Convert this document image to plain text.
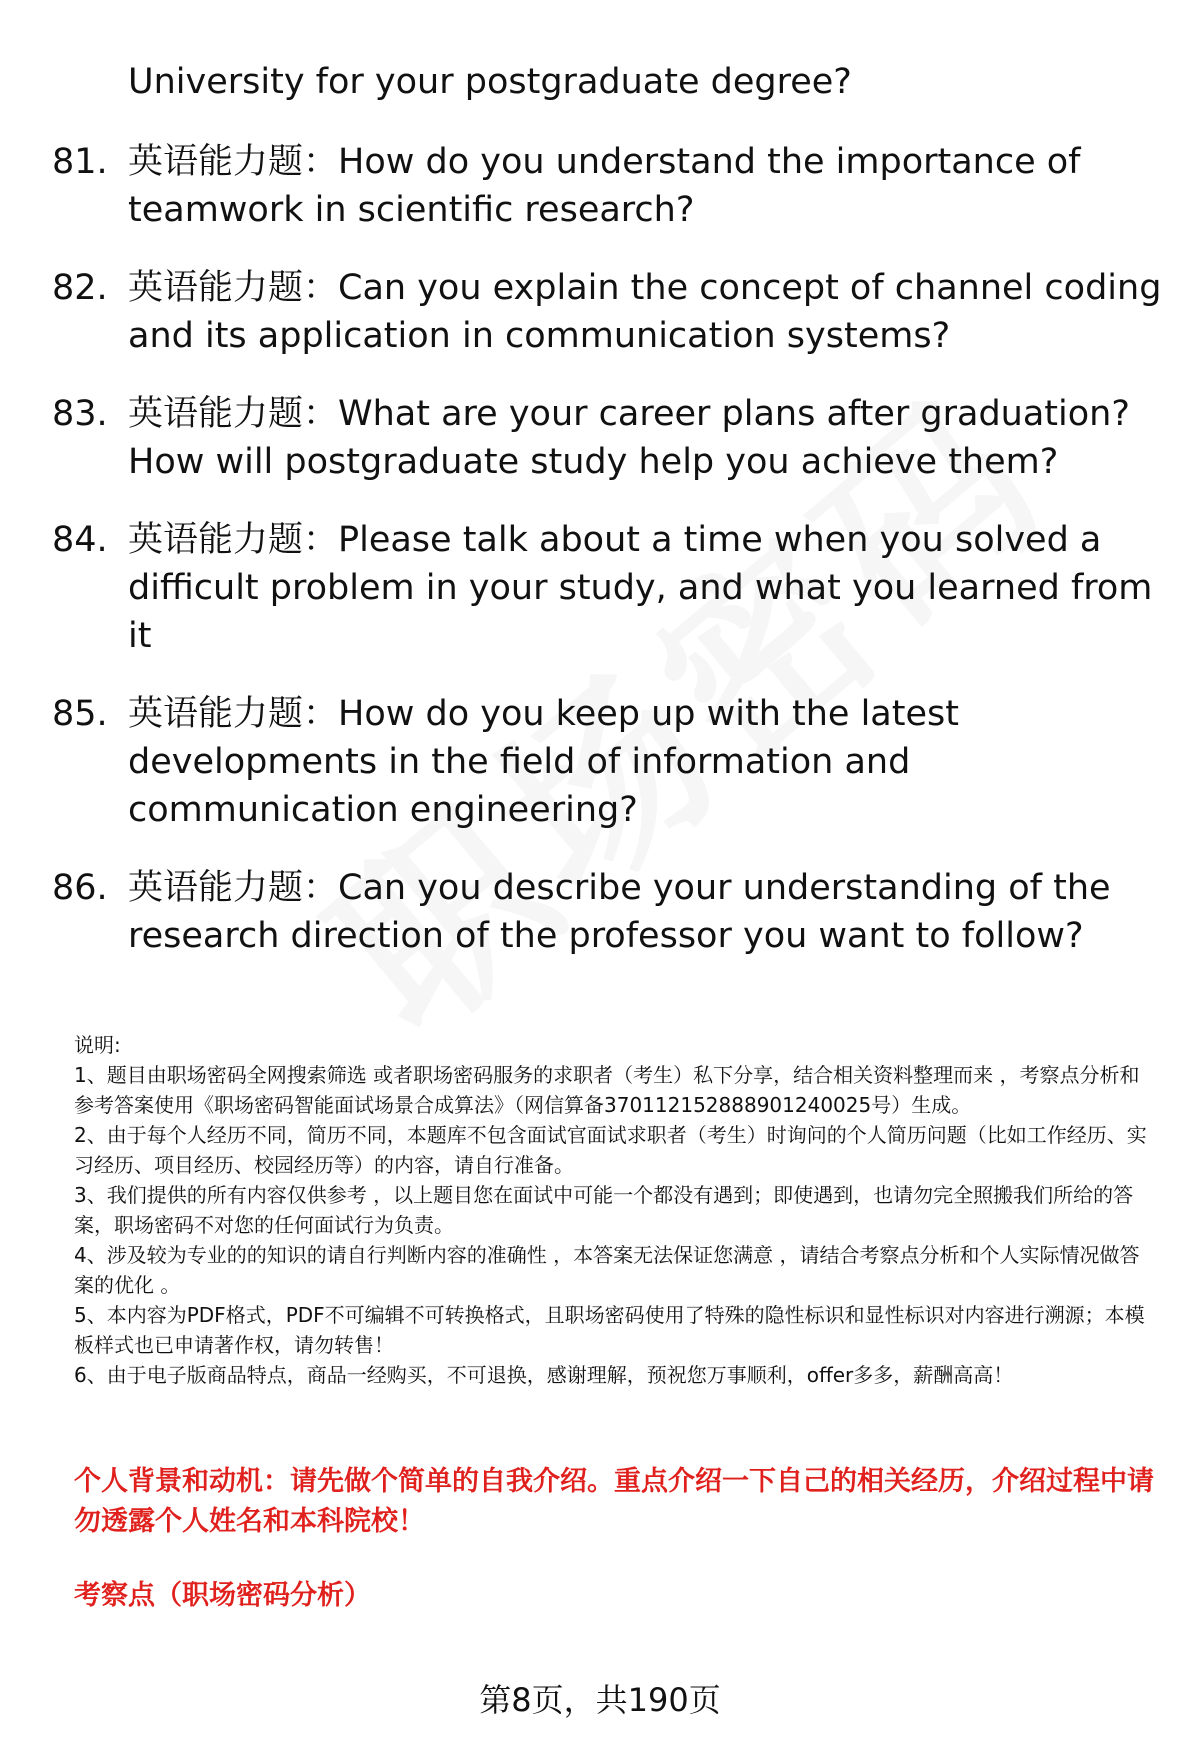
University for your postgraduate degree?
81. 英语能力题：How do you understand the importance of teamwork in scientific research?
82. 英语能力题：Can you explain the concept of channel coding and its application in communication systems?
83. 英语能力题：What are your career plans after graduation? How will postgraduate study help you achieve them?
84. 英语能力题：Please talk about a time when you solved a difficult problem in your study, and what you learned from it
85. 英语能力题：How do you keep up with the latest developments in the field of information and communication engineering?
86. 英语能力题：Can you describe your understanding of the research direction of the professor you want to follow?

说明:

1、题目由职场密码全网搜索筛选 或者职场密码服务的求职者（考生）私下分享，结合相关资料整理而来 ，考察点分析和参考答案使用《职场密码智能面试场景合成算法》（网信算备370112152888901240025号）生成。

2、由于每个人经历不同，简历不同，本题库不包含面试官面试求职者（考生）时询问的个人简历问题（比如工作经历、实习经历、项目经历、校园经历等）的内容，请自行准备。

3、我们提供的所有内容仅供参考 ，以上题目您在面试中可能一个都没有遇到；即使遇到，也请勿完全照搬我们所给的答案，职场密码不对您的任何面试行为负责。

4、涉及较为专业的的知识的请自行判断内容的准确性 ，本答案无法保证您满意 ，请结合考察点分析和个人实际情况做答案的优化 。

5、本内容为PDF格式，PDF不可编辑不可转换格式，且职场密码使用了特殊的隐性标识和显性标识对内容进行溯源；本模板样式也已申请著作权，请勿转售！

6、由于电子版商品特点，商品一经购买，不可退换，感谢理解，预祝您万事顺利，offer多多，薪酬高高！

个人背景和动机：请先做个简单的自我介绍。重点介绍一下自己的相关经历，介绍过程中请勿透露个人姓名和本科院校！
考察点（职场密码分析）
第8页，共190页
